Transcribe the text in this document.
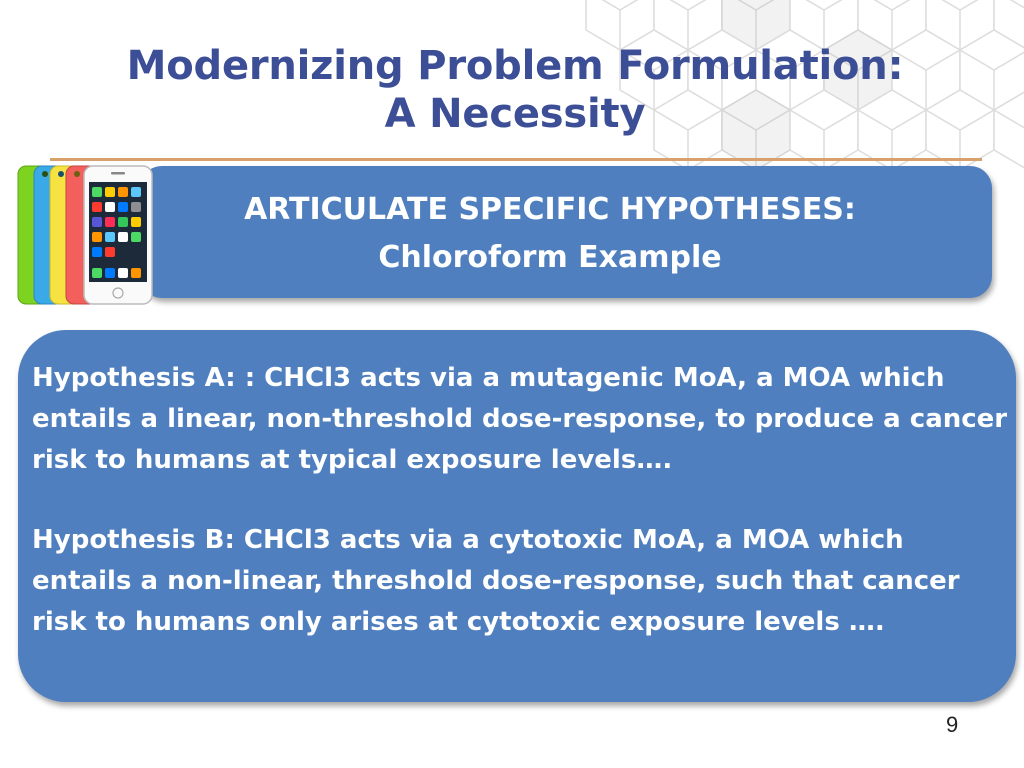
Modernizing Problem Formulation:
A Necessity
ARTICULATE SPECIFIC HYPOTHESES:
Chloroform Example

Hypothesis A: : CHCl3 acts via a mutagenic MoA, a MOA which entails a linear, non-threshold dose-response, to produce a cancer risk to humans at typical exposure levels….

Hypothesis B: CHCl3 acts via a cytotoxic MoA, a MOA which entails a non-linear, threshold dose-response, such that cancer risk to humans only arises at cytotoxic exposure levels ….

9
